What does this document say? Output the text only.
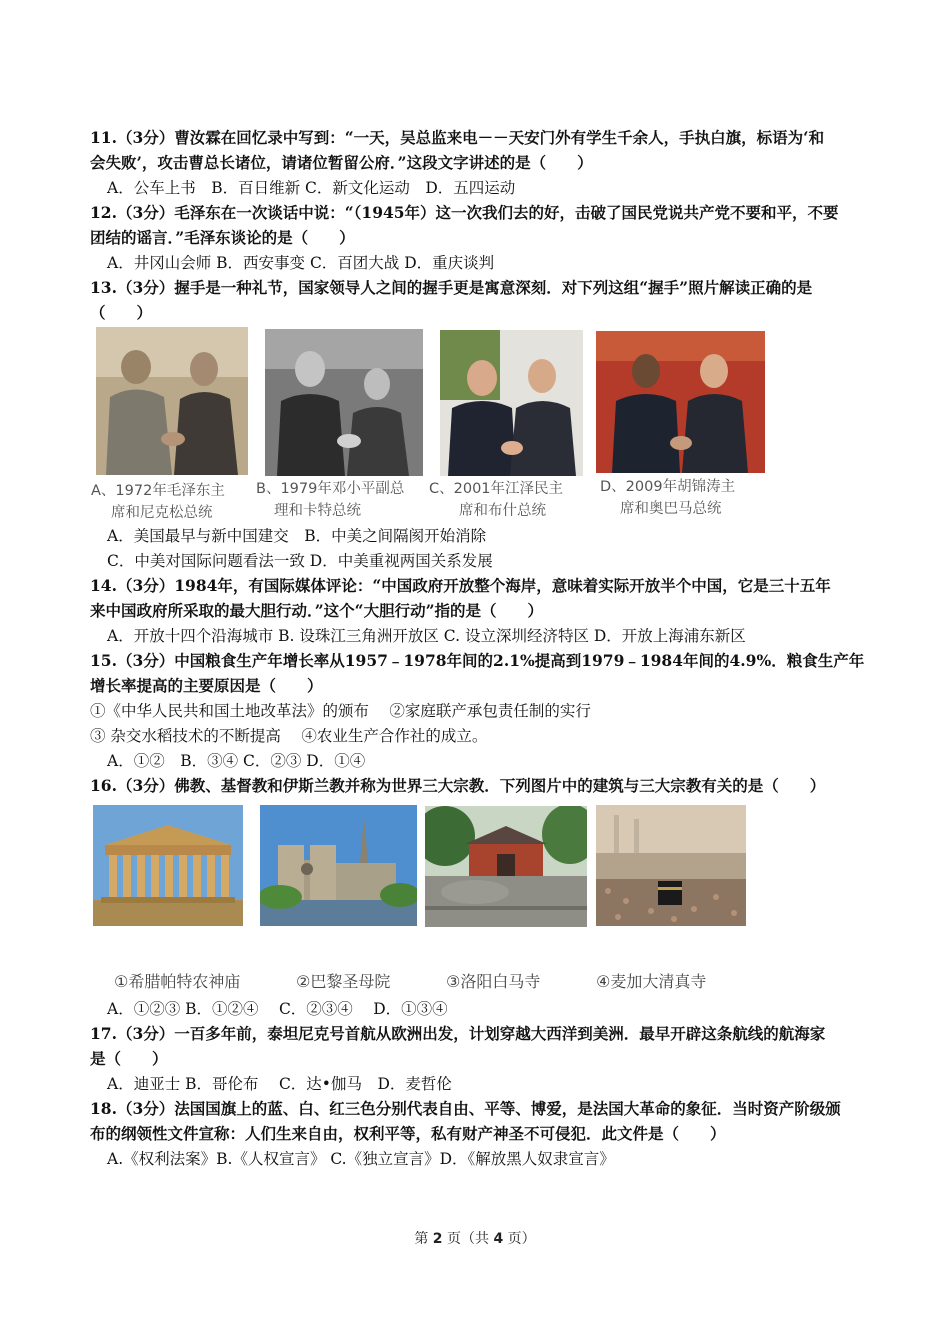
11.（3分）曹汝霖在回忆录中写到：“一天，吴总监来电－－天安门外有学生千余人，手执白旗，标语为‘和
会失败’，攻击曹总长诸位，请诸位暂留公府．”这段文字讲述的是（　　）
A．公车上书　B．百日维新 C．新文化运动　D．五四运动
12.（3分）毛泽东在一次谈话中说：“（1945年）这一次我们去的好，击破了国民党说共产党不要和平，不要
团结的谣言．”毛泽东谈论的是（　　）
A．井冈山会师 B．西安事变 C．百团大战 D．重庆谈判
13.（3分）握手是一种礼节，国家领导人之间的握手更是寓意深刻．对下列这组“握手”照片解读正确的是
（　　）
A、1972年毛泽东主
席和尼克松总统
B、1979年邓小平副总
理和卡特总统
C、2001年江泽民主
席和布什总统
D、2009年胡锦涛主
席和奥巴马总统
A．美国最早与新中国建交　B．中美之间隔阂开始消除
C．中美对国际问题看法一致 D．中美重视两国关系发展
14.（3分）1984年，有国际媒体评论：“中国政府开放整个海岸，意味着实际开放半个中国，它是三十五年
来中国政府所采取的最大胆行动．”这个“大胆行动”指的是（　　）
A．开放十四个沿海城市 B. 设珠江三角洲开放区 C. 设立深圳经济特区 D．开放上海浦东新区
15.（3分）中国粮食生产年增长率从1957﹣1978年间的2.1%提高到1979﹣1984年间的4.9%．粮食生产年
增长率提高的主要原因是（　　）
①《中华人民共和国土地改革法》的颁布　 ②家庭联产承包责任制的实行
③ 杂交水稻技术的不断提高　 ④农业生产合作社的成立。
A．①②　B．③④ C．②③ D．①④
16.（3分）佛教、基督教和伊斯兰教并称为世界三大宗教．下列图片中的建筑与三大宗教有关的是（　　）
①希腊帕特农神庙	②巴黎圣母院	③洛阳白马寺	④麦加大清真寺
A．①②③ B．①②④　 C．②③④　 D．①③④
17.（3分）一百多年前，泰坦尼克号首航从欧洲出发，计划穿越大西洋到美洲．最早开辟这条航线的航海家
是（　　）
A．迪亚士 B．哥伦布　 C．达•伽马　D．麦哲伦
18.（3分）法国国旗上的蓝、白、红三色分别代表自由、平等、博爱，是法国大革命的象征．当时资产阶级颁
布的纲领性文件宣称：人们生来自由，权利平等，私有财产神圣不可侵犯．此文件是（　　）
A.《权利法案》B.《人权宣言》 C.《独立宣言》D．《解放黑人奴隶宣言》
第 2 页（共 4 页）
